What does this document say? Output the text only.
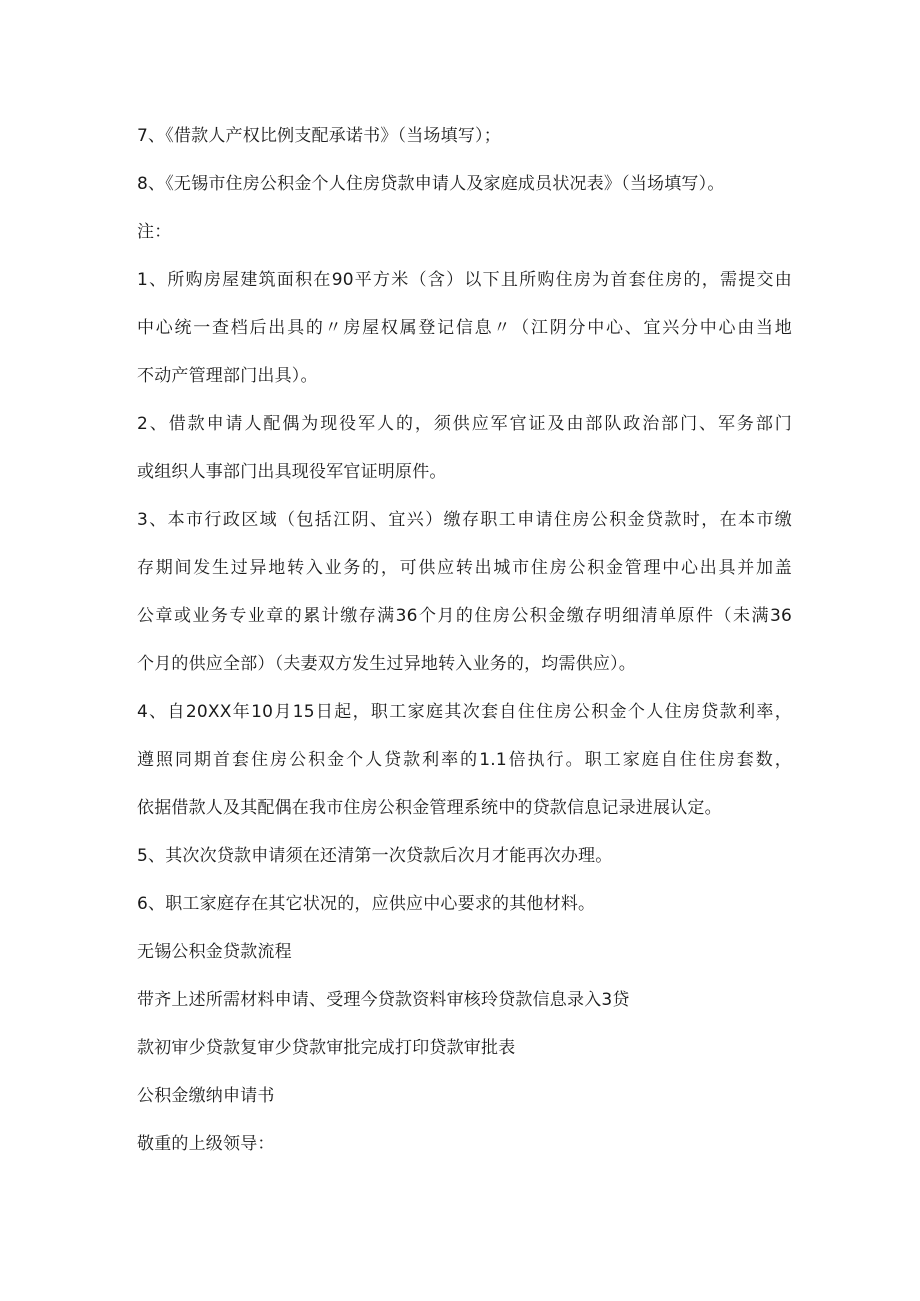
7、《借款人产权比例支配承诺书》（当场填写）；
8、《无锡市住房公积金个人住房贷款申请人及家庭成员状况表》（当场填写）。
注：
1、所购房屋建筑面积在90平方米（含）以下且所购住房为首套住房的，需提交由
中心统一查档后出具的〃房屋权属登记信息〃（江阴分中心、宜兴分中心由当地
不动产管理部门出具）。
2、借款申请人配偶为现役军人的，须供应军官证及由部队政治部门、军务部门
或组织人事部门出具现役军官证明原件。
3、本市行政区域（包括江阴、宜兴）缴存职工申请住房公积金贷款时，在本市缴
存期间发生过异地转入业务的，可供应转出城市住房公积金管理中心出具并加盖
公章或业务专业章的累计缴存满36个月的住房公积金缴存明细清单原件（未满36
个月的供应全部）（夫妻双方发生过异地转入业务的，均需供应）。
4、自20XX年10月15日起，职工家庭其次套自住住房公积金个人住房贷款利率，
遵照同期首套住房公积金个人贷款利率的1.1倍执行。职工家庭自住住房套数，
依据借款人及其配偶在我市住房公积金管理系统中的贷款信息记录进展认定。
5、其次次贷款申请须在还清第一次贷款后次月才能再次办理。
6、职工家庭存在其它状况的，应供应中心要求的其他材料。
无锡公积金贷款流程
带齐上述所需材料申请、受理今贷款资料审核玲贷款信息录入3贷
款初审少贷款复审少贷款审批完成打印贷款审批表
公积金缴纳申请书
敬重的上级领导：
